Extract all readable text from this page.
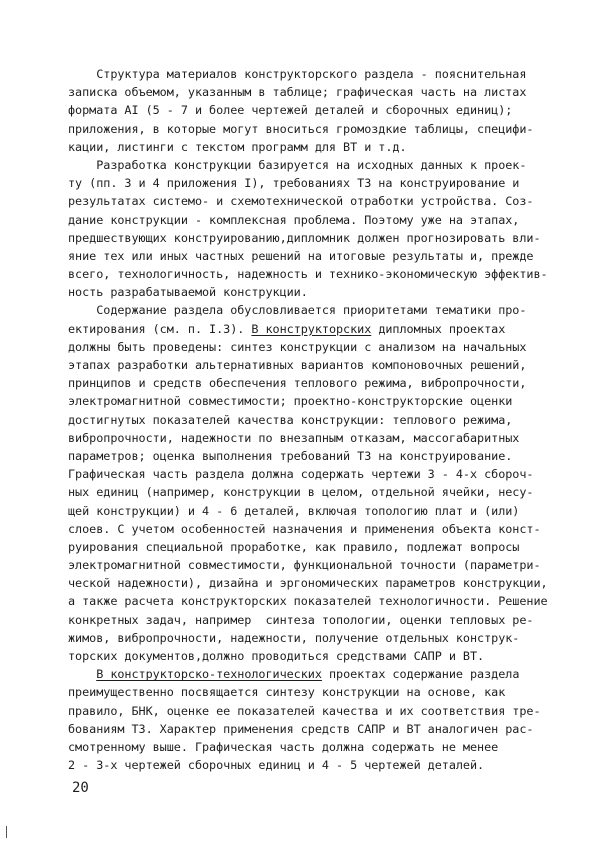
Структура материалов конструкторского раздела - пояснительная
записка объемом, указанным в таблице; графическая часть на листах
формата АI (5 - 7 и более чертежей деталей и сборочных единиц);
приложения, в которые могут вноситься громоздкие таблицы, специфи-
кации, листинги с текстом программ для ВТ и т.д.
Разработка конструкции базируется на исходных данных к проек-
ту (пп. 3 и 4 приложения I), требованиях ТЗ на конструирование и
результатах системо- и схемотехнической отработки устройства. Соз-
дание конструкции - комплексная проблема. Поэтому уже на этапах,
предшествующих конструированию,дипломник должен прогнозировать вли-
яние тех или иных частных решений на итоговые результаты и, прежде
всего, технологичность, надежность и технико-экономическую эффектив-
ность разрабатываемой конструкции.
Содержание раздела обусловливается приоритетами тематики про-
ектирования (см. п. I.3). В конструкторских дипломных проектах
должны быть проведены: синтез конструкции с анализом на начальных
этапах разработки альтернативных вариантов компоновочных решений,
принципов и средств обеспечения теплового режима, вибропрочности,
электромагнитной совместимости; проектно-конструкторские оценки
достигнутых показателей качества конструкции: теплового режима,
вибропрочности, надежности по внезапным отказам, массогабаритных
параметров; оценка выполнения требований ТЗ на конструирование.
Графическая часть раздела должна содержать чертежи 3 - 4-х сбороч-
ных единиц (например, конструкции в целом, отдельной ячейки, несу-
щей конструкции) и 4 - 6 деталей, включая топологию плат и (или)
слоев. С учетом особенностей назначения и применения объекта конст-
руирования специальной проработке, как правило, подлежат вопросы
электромагнитной совместимости, функциональной точности (параметри-
ческой надежности), дизайна и эргономических параметров конструкции,
а также расчета конструкторских показателей технологичности. Решение
конкретных задач, например  синтеза топологии, оценки тепловых ре-
жимов, вибропрочности, надежности, получение отдельных конструк-
торских документов,должно проводиться средствами САПР и ВТ.
В конструкторско-технологических проектах содержание раздела
преимущественно посвящается синтезу конструкции на основе, как
правило, БНК, оценке ее показателей качества и их соответствия тре-
бованиям ТЗ. Характер применения средств САПР и ВТ аналогичен рас-
смотренному выше. Графическая часть должна содержать не менее
2 - 3-х чертежей сборочных единиц и 4 - 5 чертежей деталей.
20
